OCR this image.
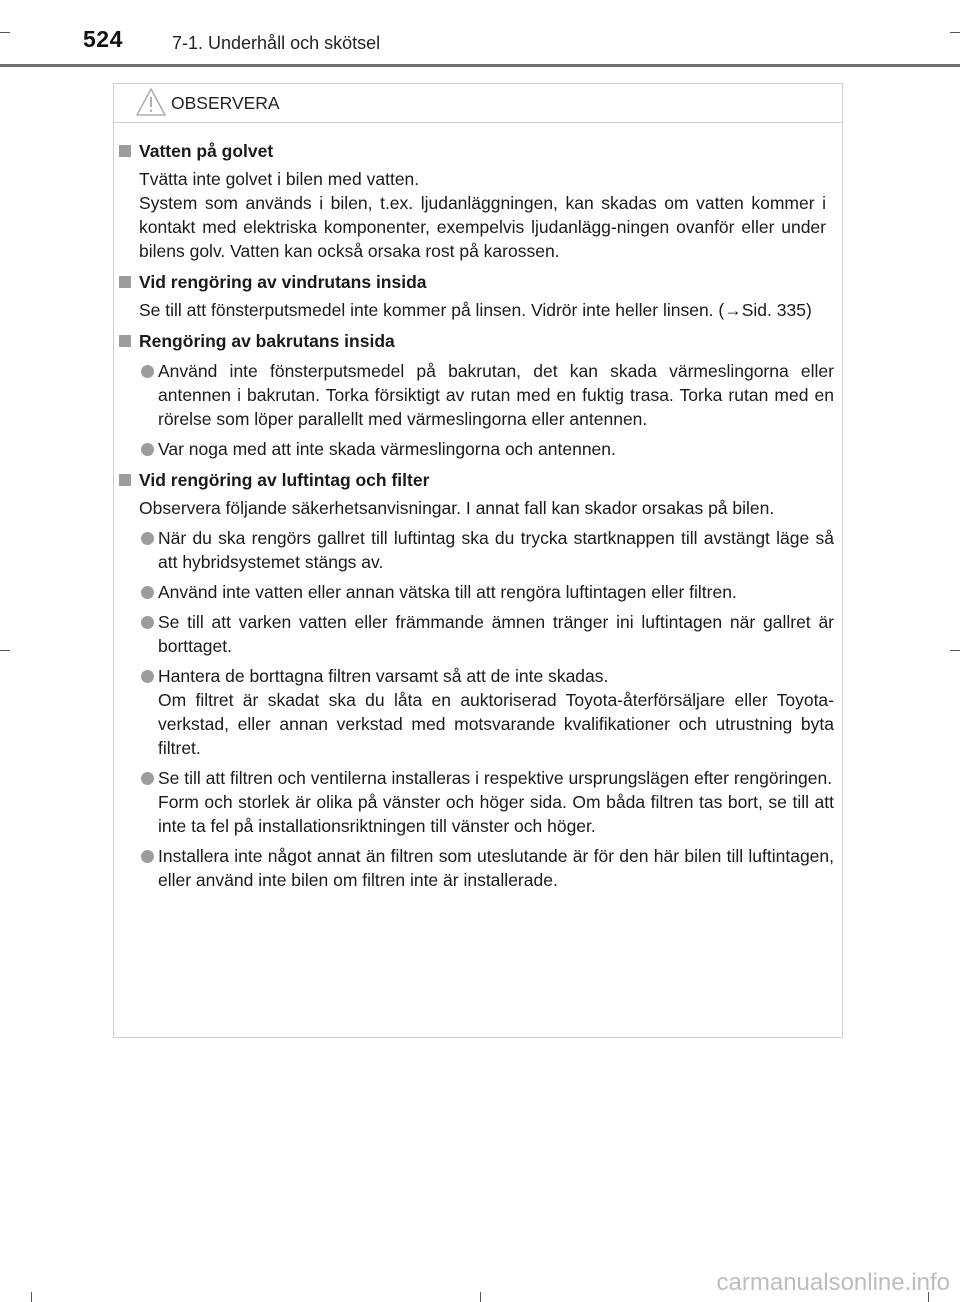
524	7-1. Underhåll och skötsel
OBSERVERA
Vatten på golvet
Tvätta inte golvet i bilen med vatten.
System som används i bilen, t.ex. ljudanläggningen, kan skadas om vatten kommer i kontakt med elektriska komponenter, exempelvis ljudanlägg-ningen ovanför eller under bilens golv. Vatten kan också orsaka rost på karossen.
Vid rengöring av vindrutans insida
Se till att fönsterputsmedel inte kommer på linsen. Vidrör inte heller linsen. (→Sid. 335)
Rengöring av bakrutans insida
Använd inte fönsterputsmedel på bakrutan, det kan skada värmeslingorna eller antennen i bakrutan. Torka försiktigt av rutan med en fuktig trasa. Torka rutan med en rörelse som löper parallellt med värmeslingorna eller antennen.
Var noga med att inte skada värmeslingorna och antennen.
Vid rengöring av luftintag och filter
Observera följande säkerhetsanvisningar. I annat fall kan skador orsakas på bilen.
När du ska rengörs gallret till luftintag ska du trycka startknappen till avstängt läge så att hybridsystemet stängs av.
Använd inte vatten eller annan vätska till att rengöra luftintagen eller filtren.
Se till att varken vatten eller främmande ämnen tränger ini luftintagen när gallret är borttaget.
Hantera de borttagna filtren varsamt så att de inte skadas.
Om filtret är skadat ska du låta en auktoriserad Toyota-återförsäljare eller Toyota-verkstad, eller annan verkstad med motsvarande kvalifikationer och utrustning byta filtret.
Se till att filtren och ventilerna installeras i respektive ursprungslägen efter rengöringen.
Form och storlek är olika på vänster och höger sida. Om båda filtren tas bort, se till att inte ta fel på installationsriktningen till vänster och höger.
Installera inte något annat än filtren som uteslutande är för den här bilen till luftintagen, eller använd inte bilen om filtren inte är installerade.
carmanualsonline.info
